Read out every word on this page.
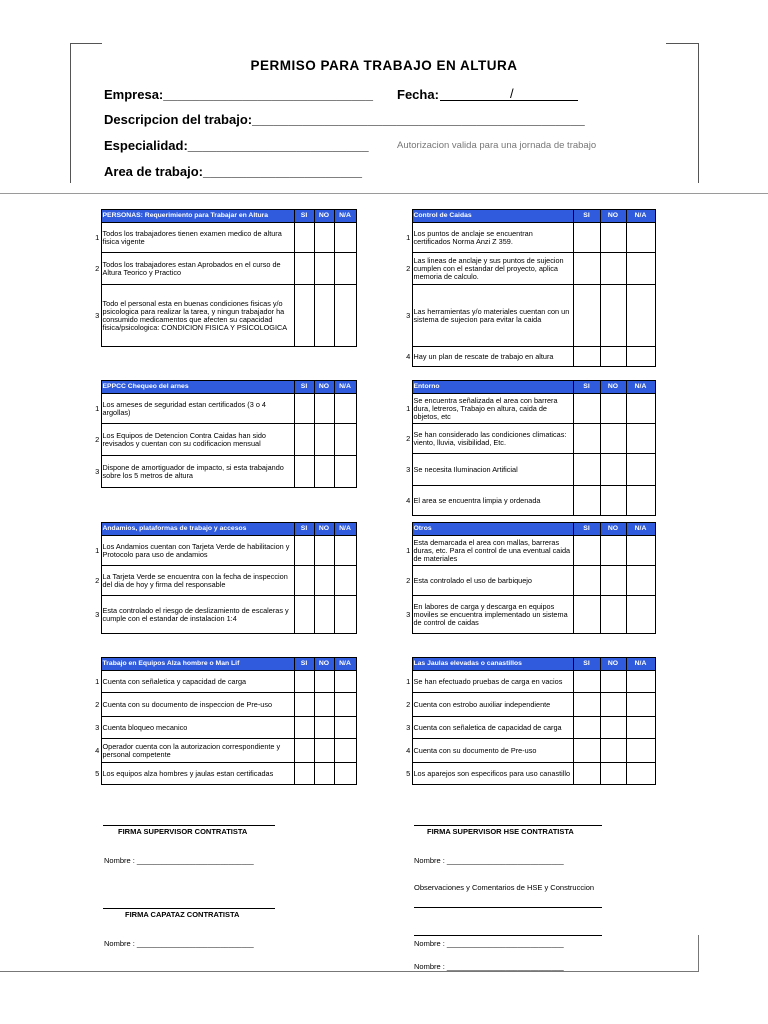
PERMISO PARA TRABAJO EN ALTURA
Empresa:_____________________________ Fecha:	/
Descripcion del trabajo:______________________________________________
Especialidad:_________________________	Autorizacion valida para una jornada de trabajo
Area de trabajo:______________________
	PERSONAS: Requerimiento para Trabajar en Altura	SI	NO	N/A
1	Todos los trabajadores tienen examen medico de altura fisica vigente			
2	Todos los trabajadores estan Aprobados en el curso de Altura Teorico y Practico			
3	Todo el personal esta en buenas condiciones fisicas y/o psicologica para realizar la tarea, y ningun trabajador ha consumido medicamentos que afecten su capacidad fisica/psicologica: CONDICION FISICA Y PSICOLOGICA			
	Control de Caidas	SI	NO	N/A
1	Los puntos de anclaje se encuentran certificados Norma Anzi Z 359.			
2	Las lineas de anclaje y sus puntos de sujecion cumplen con el estandar del proyecto, aplica memoria de calculo.			
3	Las herramientas y/o materiales cuentan con un sistema de sujecion para evitar la caida			
4	Hay un plan de rescate de trabajo en altura			
	EPPCC Chequeo del arnes	SI	NO	N/A
1	Los arneses de seguridad estan certificados (3 o 4 argollas)			
2	Los Equipos de Detencion Contra Caidas han sido revisados y cuentan con su codificacion mensual			
3	Dispone de amortiguador de impacto, si esta trabajando sobre los 5 metros de altura			
	Entorno	SI	NO	N/A
1	Se encuentra señalizada el area con barrera dura, letreros, Trabajo en altura, caida de objetos, etc			
2	Se han considerado las condiciones climaticas: viento, lluvia, visibilidad, Etc.			
3	Se necesita Iluminacion Artificial			
4	El area se encuentra limpia y ordenada			
	Andamios, plataformas de trabajo y accesos	SI	NO	N/A
1	Los Andamios cuentan con Tarjeta Verde de habilitacion y Protocolo para uso de andamios			
2	La Tarjeta Verde se encuentra con la fecha de inspeccion del dia de hoy y firma del responsable			
3	Esta controlado el riesgo de deslizamiento de escaleras y cumple con el estandar de instalacion 1:4			
	Otros	SI	NO	N/A
1	Esta demarcada el area con mallas, barreras duras, etc. Para el control de una eventual caida de materiales			
2	Esta controlado el uso de barbiquejo			
3	En labores de carga y descarga en equipos moviles se encuentra implementado un sistema de control de caidas			
	Trabajo en Equipos Alza hombre o Man Lif	SI	NO	N/A
1	Cuenta con señaletica y capacidad de carga			
2	Cuenta con su documento de inspeccion de Pre-uso			
3	Cuenta bloqueo mecanico			
4	Operador cuenta con la autorizacion correspondiente y personal competente			
5	Los equipos alza hombres y jaulas estan certificadas			
	Las Jaulas elevadas o canastillos	SI	NO	N/A
1	Se han efectuado pruebas de carga en vacios			
2	Cuenta con estrobo auxiliar independiente			
3	Cuenta con señaletica de capacidad de carga			
4	Cuenta con su documento de Pre-uso			
5	Los aparejos son especificos para uso canastillo			
FIRMA SUPERVISOR CONTRATISTA	FIRMA SUPERVISOR HSE CONTRATISTA
Nombre : ____________________________	Nombre : ____________________________
Observaciones y Comentarios de HSE y Construccion
FIRMA CAPATAZ CONTRATISTA
Nombre : ____________________________	Nombre : ____________________________
Nombre : ____________________________
